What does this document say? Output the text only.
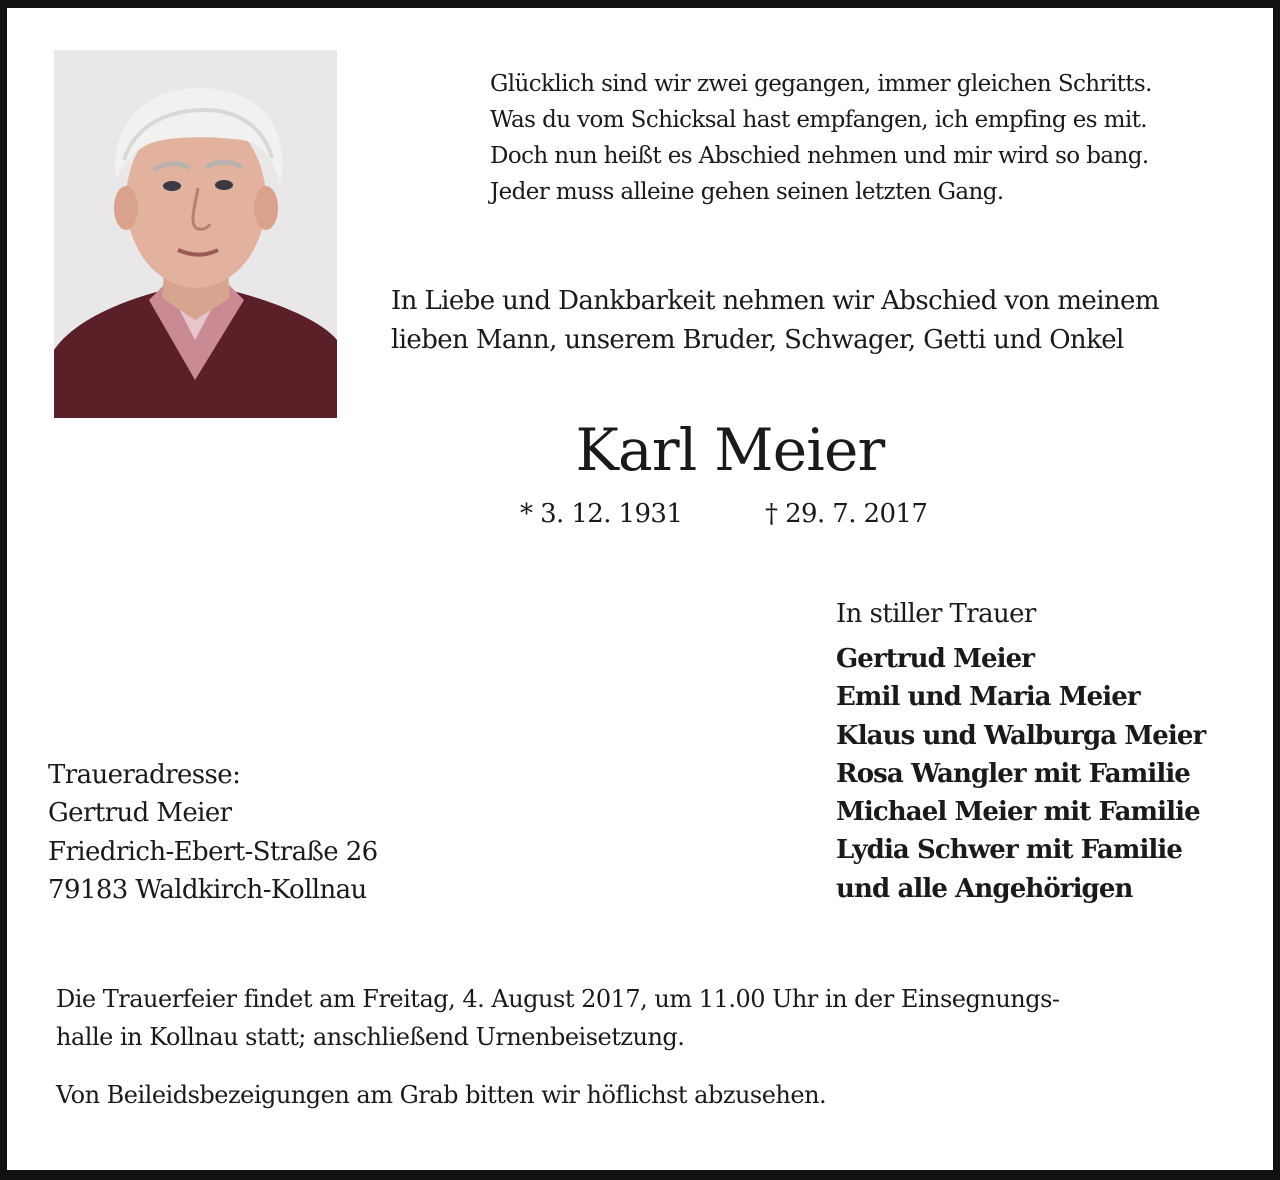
Glücklich sind wir zwei gegangen, immer gleichen Schritts.
Was du vom Schicksal hast empfangen, ich empfing es mit.
Doch nun heißt es Abschied nehmen und mir wird so bang.
Jeder muss alleine gehen seinen letzten Gang.
In Liebe und Dankbarkeit nehmen wir Abschied von meinem
lieben Mann, unserem Bruder, Schwager, Getti und Onkel
Karl Meier
* 3. 12. 1931	† 29. 7. 2017
In stiller Trauer
Gertrud Meier
Emil und Maria Meier
Klaus und Walburga Meier
Rosa Wangler mit Familie
Michael Meier mit Familie
Lydia Schwer mit Familie
und alle Angehörigen
Traueradresse:
Gertrud Meier
Friedrich-Ebert-Straße 26
79183 Waldkirch-Kollnau
Die Trauerfeier findet am Freitag, 4. August 2017, um 11.00 Uhr in der Einsegnungs-
halle in Kollnau statt; anschließend Urnenbeisetzung.
Von Beileidsbezeigungen am Grab bitten wir höflichst abzusehen.
